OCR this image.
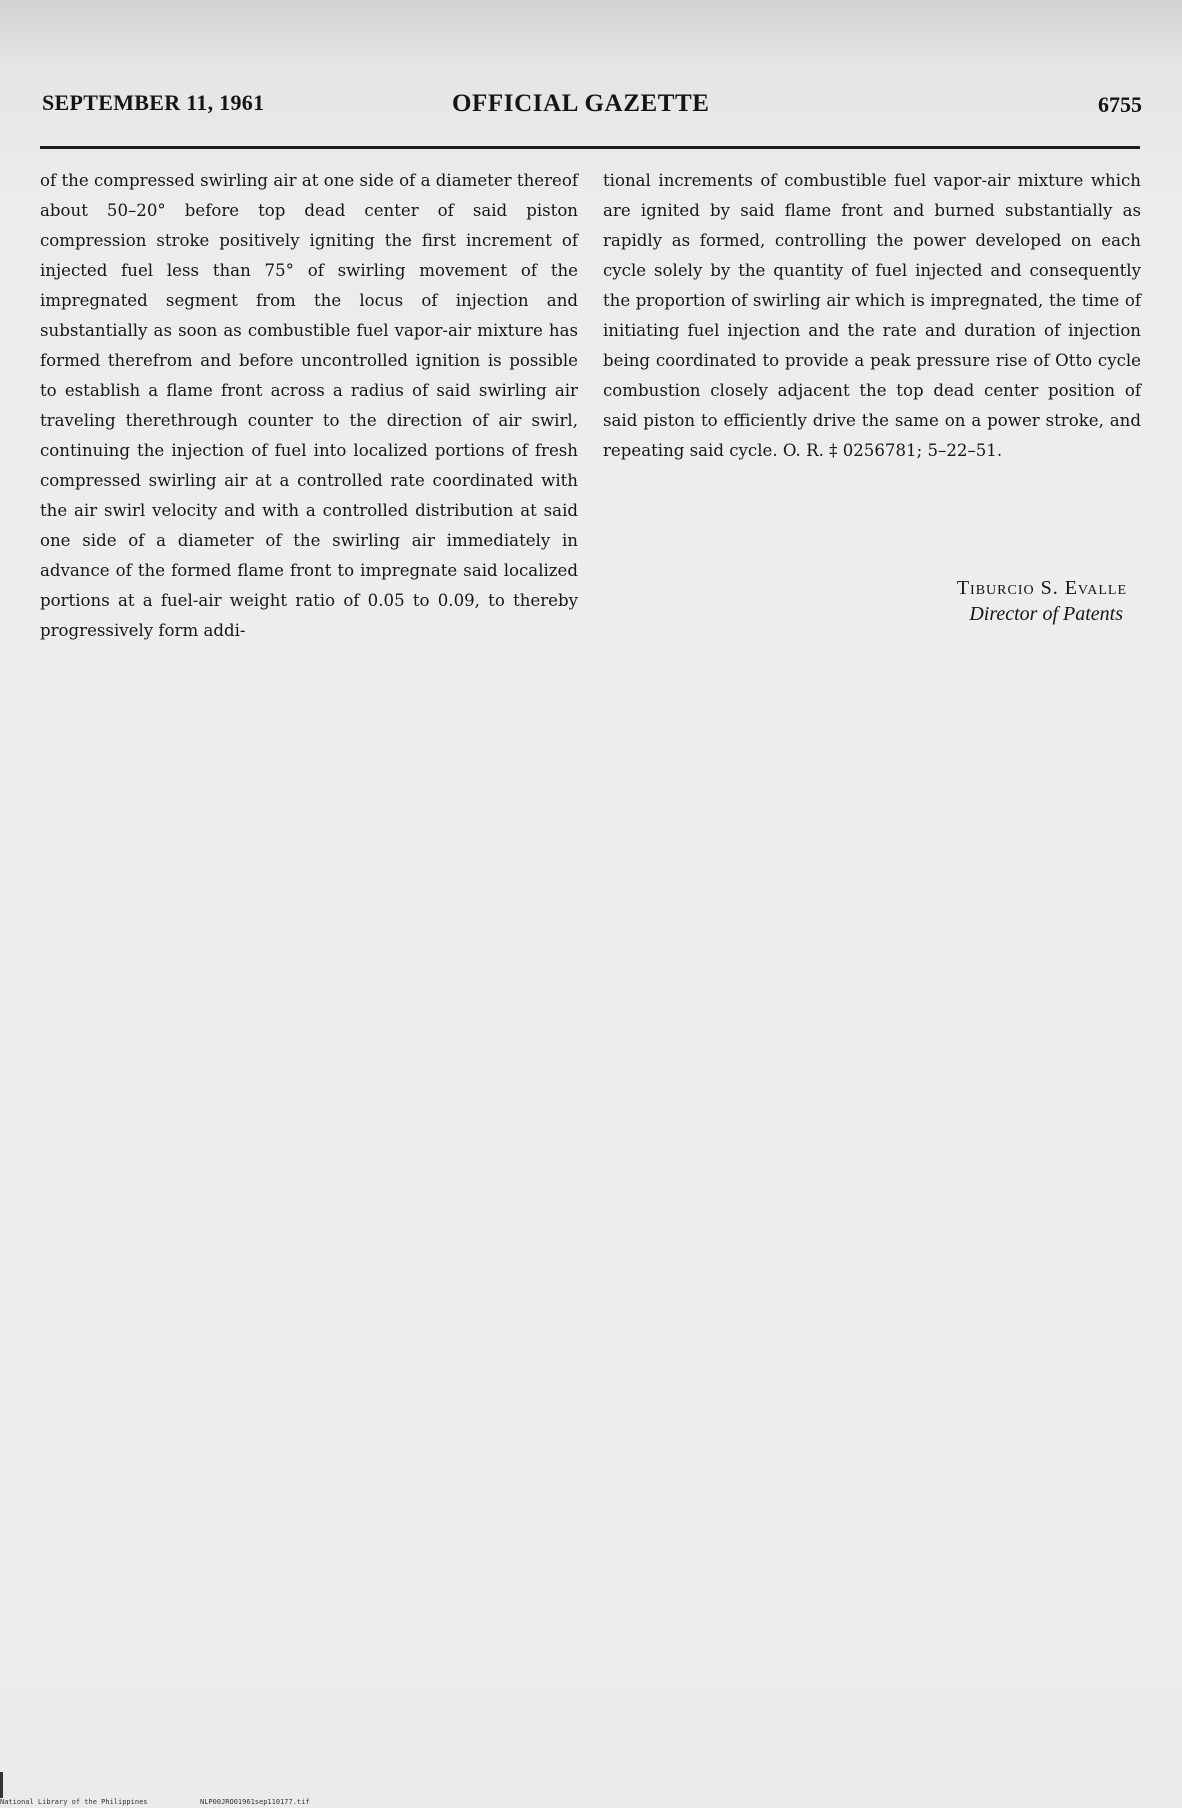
SEPTEMBER 11, 1961	OFFICIAL GAZETTE	6755
of the compressed swirling air at one side of a diameter thereof about 50–20° before top dead center of said piston compression stroke positively igniting the first increment of injected fuel less than 75° of swirling movement of the impregnated segment from the locus of injection and substantially as soon as combustible fuel vapor-air mixture has formed therefrom and before uncontrolled ignition is possible to establish a flame front across a radius of said swirling air traveling therethrough counter to the direction of air swirl, continuing the injection of fuel into localized portions of fresh compressed swirling air at a controlled rate coordinated with the air swirl velocity and with a controlled distribution at said one side of a diameter of the swirling air immediately in advance of the formed flame front to impregnate said localized portions at a fuel-air weight ratio of 0.05 to 0.09, to thereby progressively form addi-
tional increments of combustible fuel vapor-air mixture which are ignited by said flame front and burned substantially as rapidly as formed, controlling the power developed on each cycle solely by the quantity of fuel injected and consequently the proportion of swirling air which is impregnated, the time of initiating fuel injection and the rate and duration of injection being coordinated to provide a peak pressure rise of Otto cycle combustion closely adjacent the top dead center position of said piston to efficiently drive the same on a power stroke, and repeating said cycle. O. R. ‡ 0256781; 5–22–51.
Tiburcio S. Evalle
Director of Patents
National Library of the Philippines	NLP00JRO01961sep110177.tif
